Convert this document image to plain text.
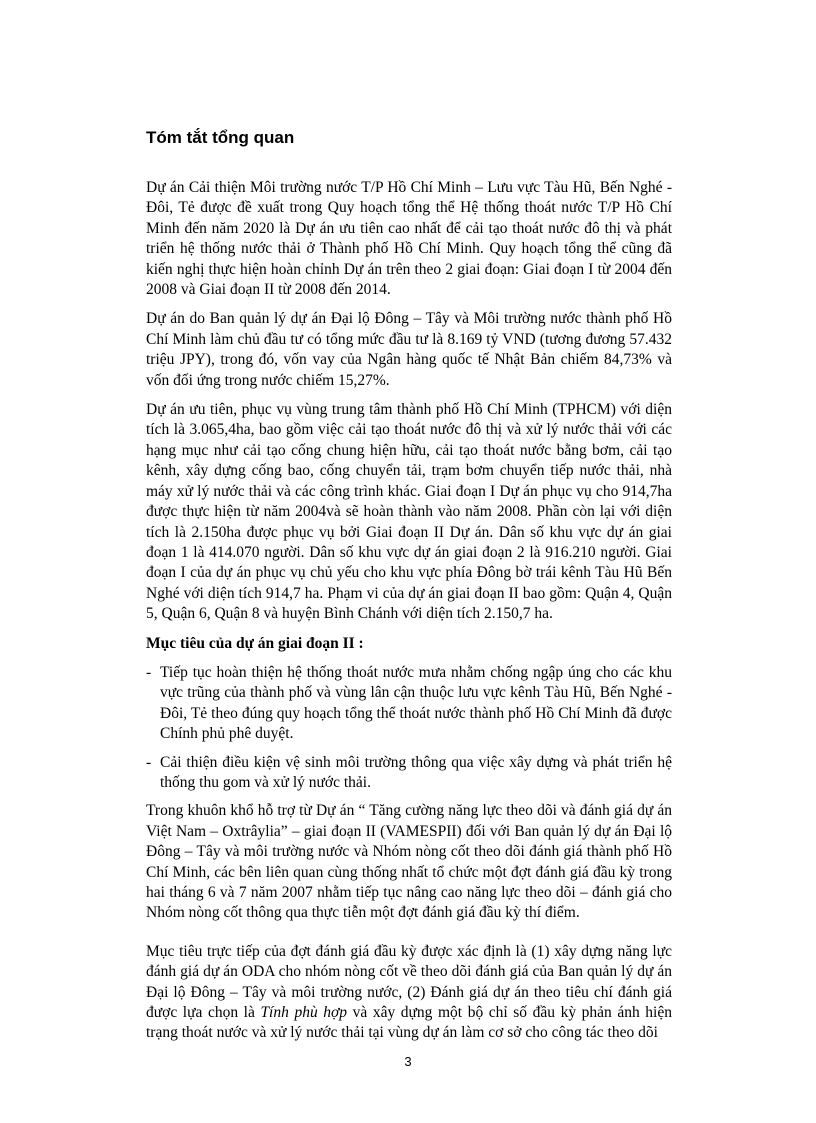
Tóm tắt tổng quan

Dự án Cải thiện Môi trường nước T/P Hồ Chí Minh – Lưu vực Tàu Hũ, Bến Nghé - Đôi, Tẻ được đề xuất trong Quy hoạch tổng thể Hệ thống thoát nước T/P Hồ Chí Minh đến năm 2020 là Dự án ưu tiên cao nhất để cải tạo thoát nước đô thị và phát triển hệ thống nước thải ở Thành phố Hồ Chí Minh. Quy hoạch tổng thể cũng đã kiến nghị thực hiện hoàn chỉnh Dự án trên theo 2 giai đoạn: Giai đoạn I từ 2004 đến 2008 và Giai đoạn II từ 2008 đến 2014.

Dự án do Ban quản lý dự án Đại lộ Đông – Tây và Môi trường nước thành phố Hồ Chí Minh làm chủ đầu tư có tổng mức đầu tư là 8.169 tỷ VND (tương đương 57.432 triệu JPY), trong đó, vốn vay của Ngân hàng quốc tế Nhật Bản chiếm 84,73% và vốn đối ứng trong nước chiếm 15,27%.

Dự án ưu tiên, phục vụ vùng trung tâm thành phố Hồ Chí Minh (TPHCM) với diện tích là 3.065,4ha, bao gồm việc cải tạo thoát nước đô thị và xử lý nước thải với các hạng mục như cải tạo cống chung hiện hữu, cải tạo thoát nước bằng bơm, cải tạo kênh, xây dựng cống bao, cống chuyển tải, trạm bơm chuyển tiếp nước thải, nhà máy xử lý nước thải và các công trình khác. Giai đoạn I Dự án phục vụ cho 914,7ha được thực hiện từ năm 2004và sẽ hoàn thành vào năm 2008. Phần còn lại với diện tích là 2.150ha được phục vụ bởi Giai đoạn II Dự án. Dân số khu vực dự án giai đoạn 1 là 414.070 người. Dân số khu vực dự án giai đoạn 2 là 916.210 người. Giai đoạn I của dự án phục vụ chủ yếu cho khu vực phía Đông bờ trái kênh Tàu Hũ Bến Nghé với diện tích 914,7 ha. Phạm vi của dự án giai đoạn II bao gồm: Quận 4, Quận 5, Quận 6, Quận 8 và huyện Bình Chánh với diện tích 2.150,7 ha.

Mục tiêu của dự án giai đoạn II :

- Tiếp tục hoàn thiện hệ thống thoát nước mưa nhằm chống ngập úng cho các khu vực trũng của thành phố và vùng lân cận thuộc lưu vực kênh Tàu Hũ, Bến Nghé - Đôi, Tẻ theo đúng quy hoạch tổng thể thoát nước thành phố Hồ Chí Minh đã được Chính phủ phê duyệt.
- Cải thiện điều kiện vệ sinh môi trường thông qua việc xây dựng và phát triển hệ thống thu gom và xử lý nước thải.

Trong khuôn khổ hỗ trợ từ Dự án “ Tăng cường năng lực theo dõi và đánh giá dự án Việt Nam – Oxtrâylia” – giai đoạn II (VAMESPII) đối với Ban quản lý dự án Đại lộ Đông – Tây và môi trường nước và Nhóm nòng cốt theo dõi đánh giá thành phố Hồ Chí Minh, các bên liên quan cùng thống nhất tổ chức một đợt đánh giá đầu kỳ trong hai tháng 6 và 7 năm 2007 nhằm tiếp tục nâng cao năng lực theo dõi – đánh giá cho Nhóm nòng cốt thông qua thực tiễn một đợt đánh giá đầu kỳ thí điểm.

Mục tiêu trực tiếp của đợt đánh giá đầu kỳ được xác định là (1) xây dựng năng lực đánh giá dự án ODA cho nhóm nòng cốt về theo dõi đánh giá của Ban quản lý dự án Đại lộ Đông – Tây và môi trường nước, (2) Đánh giá dự án theo tiêu chí đánh giá được lựa chọn là Tính phù hợp và xây dựng một bộ chỉ số đầu kỳ phản ánh hiện trạng thoát nước và xử lý nước thải tại vùng dự án làm cơ sở cho công tác theo dõi

3
